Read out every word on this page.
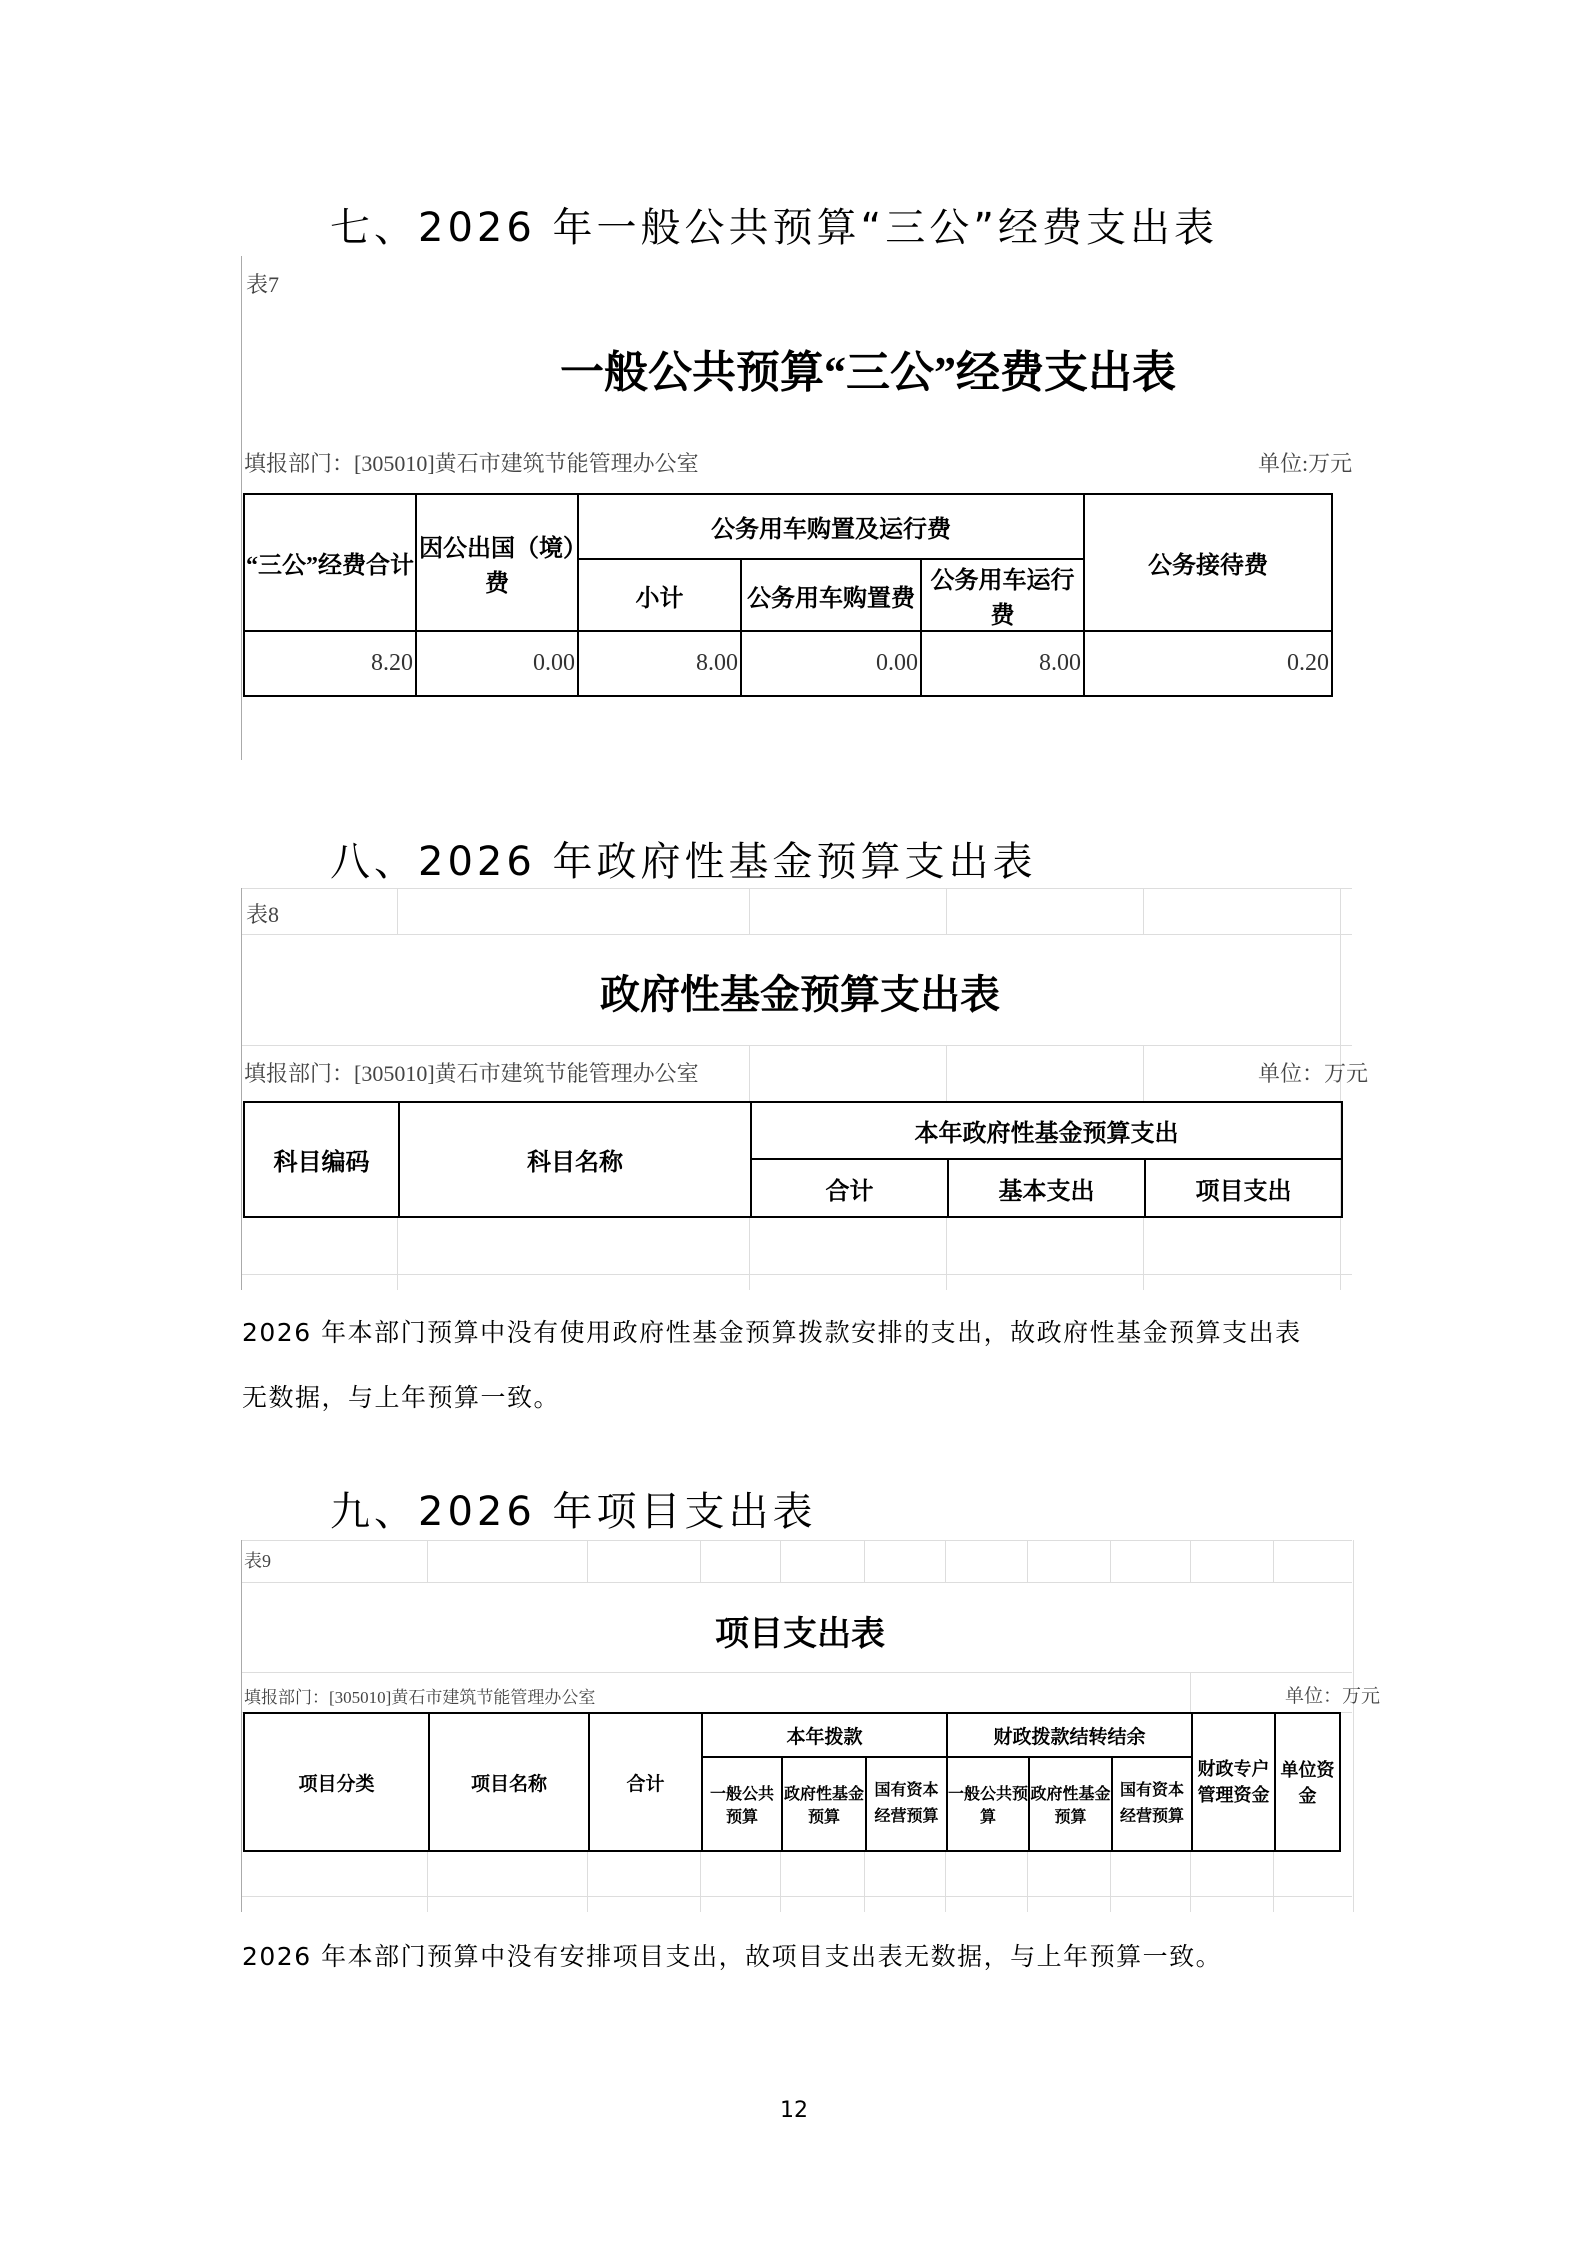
七、2026 年一般公共预算“三公”经费支出表
表7
一般公共预算“三公”经费支出表
填报部门：[305010]黄石市建筑节能管理办公室	单位:万元
“三公”经费合计	因公出国（境）费	公务用车购置及运行费			公务接待费
		小计	公务用车购置费	公务用车运行费	
8.20	0.00	8.00	0.00	8.00	0.20
八、2026 年政府性基金预算支出表
表8
政府性基金预算支出表
填报部门：[305010]黄石市建筑节能管理办公室	单位：万元
科目编码	科目名称	本年政府性基金预算支出		
		合计	基本支出	项目支出
2026 年本部门预算中没有使用政府性基金预算拨款安排的支出，故政府性基金预算支出表
无数据，与上年预算一致。
九、2026 年项目支出表
表9
项目支出表
填报部门：[305010]黄石市建筑节能管理办公室	单位：万元
项目分类	项目名称	合计	本年拨款			财政拨款结转结余			财政专户管理资金	单位资金
			一般公共预算	政府性基金预算	国有资本经营预算	一般公共预算	政府性基金预算	国有资本经营预算		
2026 年本部门预算中没有安排项目支出，故项目支出表无数据，与上年预算一致。
12
